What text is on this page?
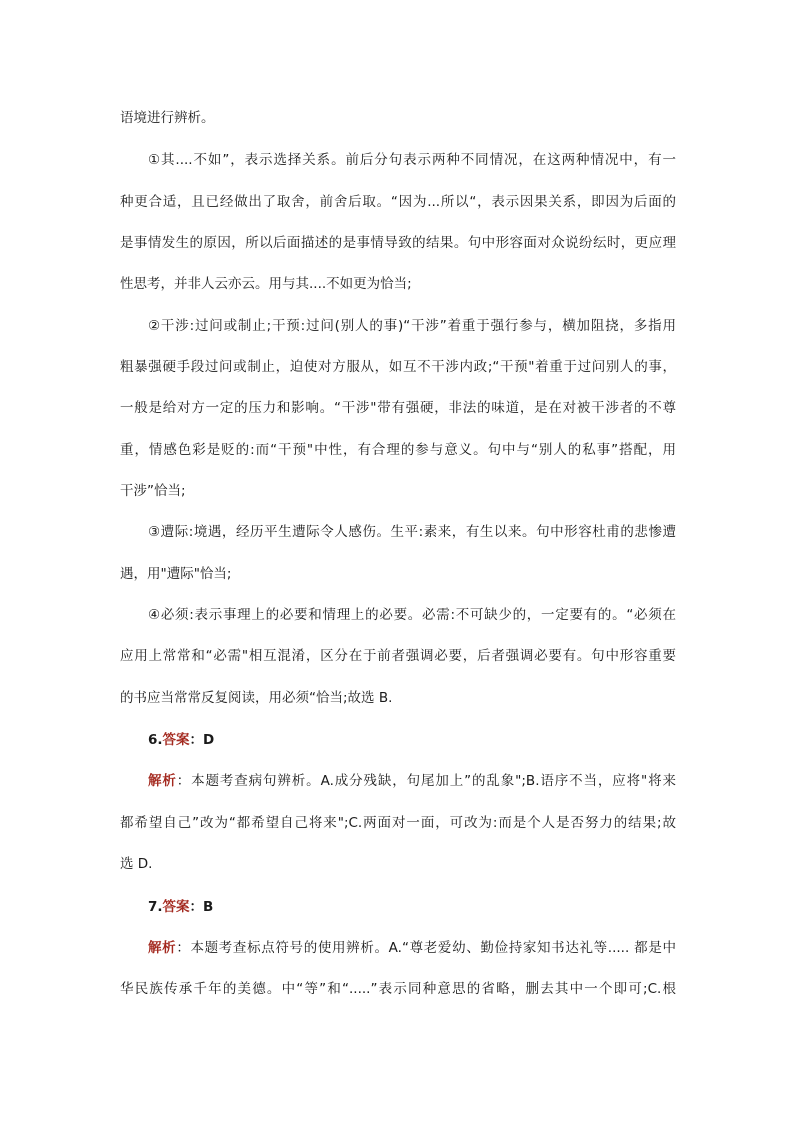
语境进行辨析。
①其....不如”，表示选择关系。前后分句表示两种不同情况，在这两种情况中，有一
种更合适，且已经做出了取舍，前舍后取。“因为...所以“，表示因果关系，即因为后面的
是事情发生的原因，所以后面描述的是事情导致的结果。句中形容面对众说纷纭时，更应理
性思考，并非人云亦云。用与其....不如更为恰当;
②干涉:过问或制止;干预:过问(别人的事)“干涉”着重于强行参与，横加阻挠，多指用
粗暴强硬手段过问或制止，迫使对方服从，如互不干涉内政;“干预"着重于过问别人的事，
一般是给对方一定的压力和影响。“干涉"带有强硬，非法的味道，是在对被干涉者的不尊
重，情感色彩是贬的:而“干预"中性，有合理的参与意义。句中与“别人的私事”搭配，用
干涉”恰当;
③遭际:境遇，经历平生遭际令人感伤。生平:素来，有生以来。句中形容杜甫的悲惨遭
遇，用"遭际"恰当;
④必须:表示事理上的必要和情理上的必要。必需:不可缺少的，一定要有的。“必须在
应用上常常和“必需"相互混淆，区分在于前者强调必要，后者强调必要有。句中形容重要
的书应当常常反复阅读，用必须“恰当;故选 B.
6.答案：D
解析：本题考查病句辨析。A.成分残缺，句尾加上”的乱象";B.语序不当，应将"将来
都希望自己”改为“都希望自己将来";C.两面对一面，可改为:而是个人是否努力的结果;故
选 D.
7.答案：B
解析：本题考查标点符号的使用辨析。A.“尊老爱幼、勤俭持家知书达礼等..... 都是中
华民族传承千年的美德。中“等”和“.....”表示同种意思的省略，删去其中一个即可;C.根
